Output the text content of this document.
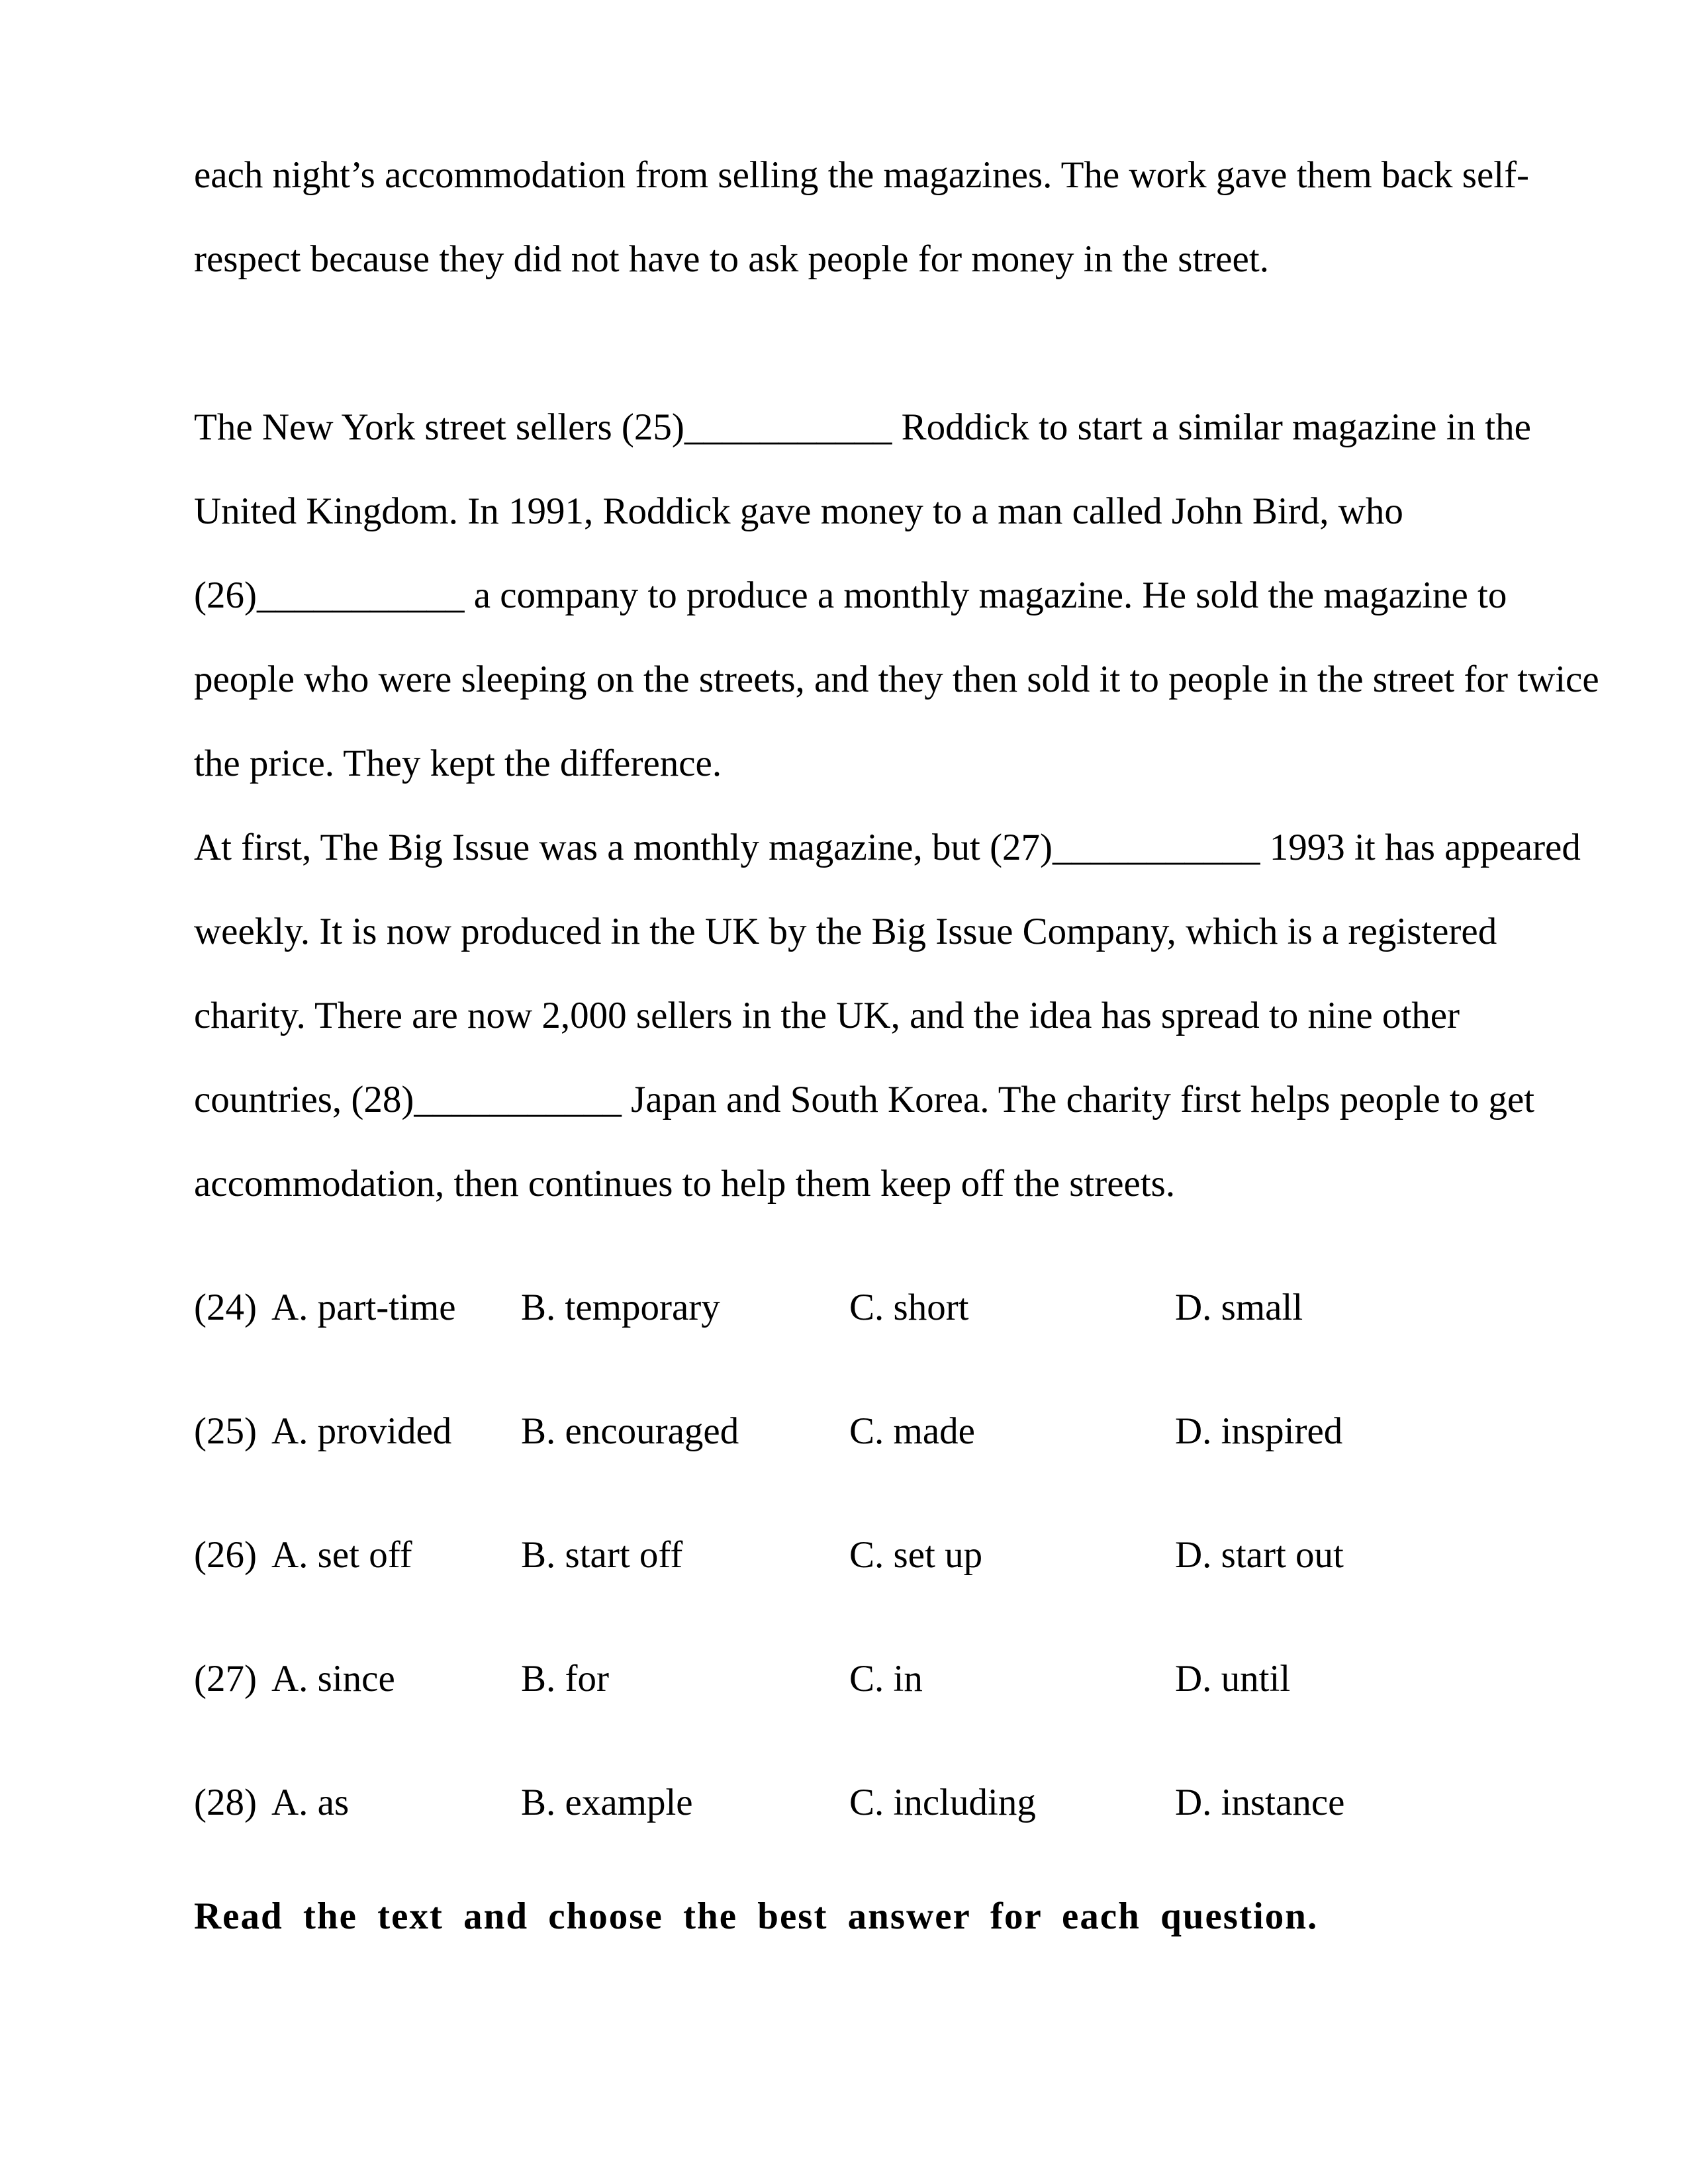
each night’s accommodation from selling the magazines. The work gave them back self-
respect because they did not have to ask people for money in the street.
The New York street sellers (25)___________ Roddick to start a similar magazine in the
United Kingdom. In 1991, Roddick gave money to a man called John Bird, who
(26)___________ a company to produce a monthly magazine. He sold the magazine to
people who were sleeping on the streets, and they then sold it to people in the street for twice
the price. They kept the difference.
At first, The Big Issue was a monthly magazine, but (27)___________ 1993 it has appeared
weekly. It is now produced in the UK by the Big Issue Company, which is a registered
charity. There are now 2,000 sellers in the UK, and the idea has spread to nine other
countries, (28)___________ Japan and South Korea. The charity first helps people to get
accommodation, then continues to help them keep off the streets.
(24) A. part-time B. temporary	C. short	D. small
(25) A. provided B. encouraged	C. made	D. inspired
(26) A. set off	B. start off	C. set up	D. start out
(27) A. since	B. for	C. in	D. until
(28) A. as	B. example	C. including	D. instance
Read the text and choose the best answer for each question.
